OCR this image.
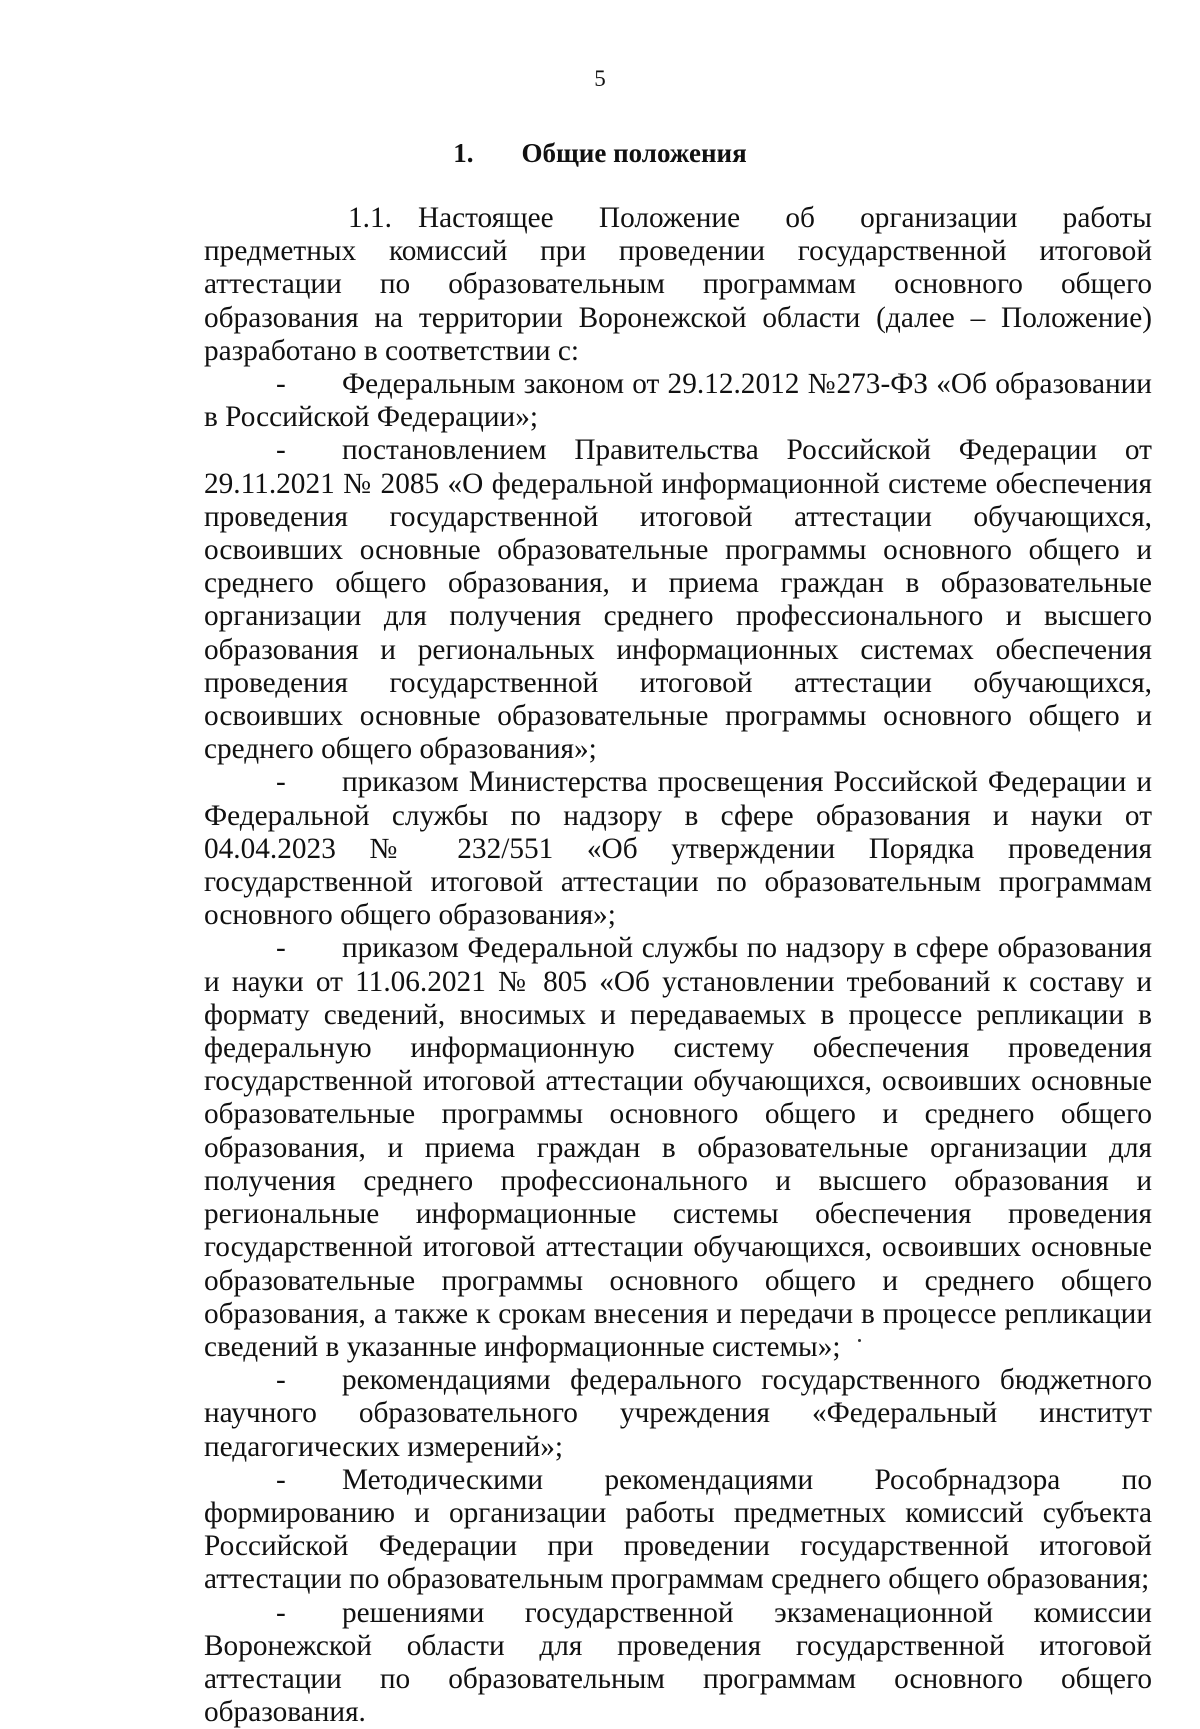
5
1. Общие положения

1.1. Настоящее Положение об организации работы предметных комиссий при проведении государственной итоговой аттестации по образовательным программам основного общего образования на территории Воронежской области (далее – Положение) разработано в соответствии с:

- Федеральным законом от 29.12.2012 №273-ФЗ «Об образовании в Российской Федерации»;

- постановлением Правительства Российской Федерации от 29.11.2021 № 2085 «О федеральной информационной системе обеспечения проведения государственной итоговой аттестации обучающихся, освоивших основные образовательные программы основного общего и среднего общего образования, и приема граждан в образовательные организации для получения среднего профессионального и высшего образования и региональных информационных системах обеспечения проведения государственной итоговой аттестации обучающихся, освоивших основные образовательные программы основного общего и среднего общего образования»;

- приказом Министерства просвещения Российской Федерации и Федеральной службы по надзору в сфере образования и науки от 04.04.2023 № 232/551 «Об утверждении Порядка проведения государственной итоговой аттестации по образовательным программам основного общего образования»;

- приказом Федеральной службы по надзору в сфере образования и науки от 11.06.2021 № 805 «Об установлении требований к составу и формату сведений, вносимых и передаваемых в процессе репликации в федеральную информационную систему обеспечения проведения государственной итоговой аттестации обучающихся, освоивших основные образовательные программы основного общего и среднего общего образования, и приема граждан в образовательные организации для получения среднего профессионального и высшего образования и региональные информационные системы обеспечения проведения государственной итоговой аттестации обучающихся, освоивших основные образовательные программы основного общего и среднего общего образования, а также к срокам внесения и передачи в процессе репликации сведений в указанные информационные системы»;

- рекомендациями федерального государственного бюджетного научного образовательного учреждения «Федеральный институт педагогических измерений»;

- Методическими рекомендациями Рособрнадзора по формированию и организации работы предметных комиссий субъекта Российской Федерации при проведении государственной итоговой аттестации по образовательным программам среднего общего образования;

- решениями государственной экзаменационной комиссии Воронежской области для проведения государственной итоговой аттестации по образовательным программам основного общего образования.
